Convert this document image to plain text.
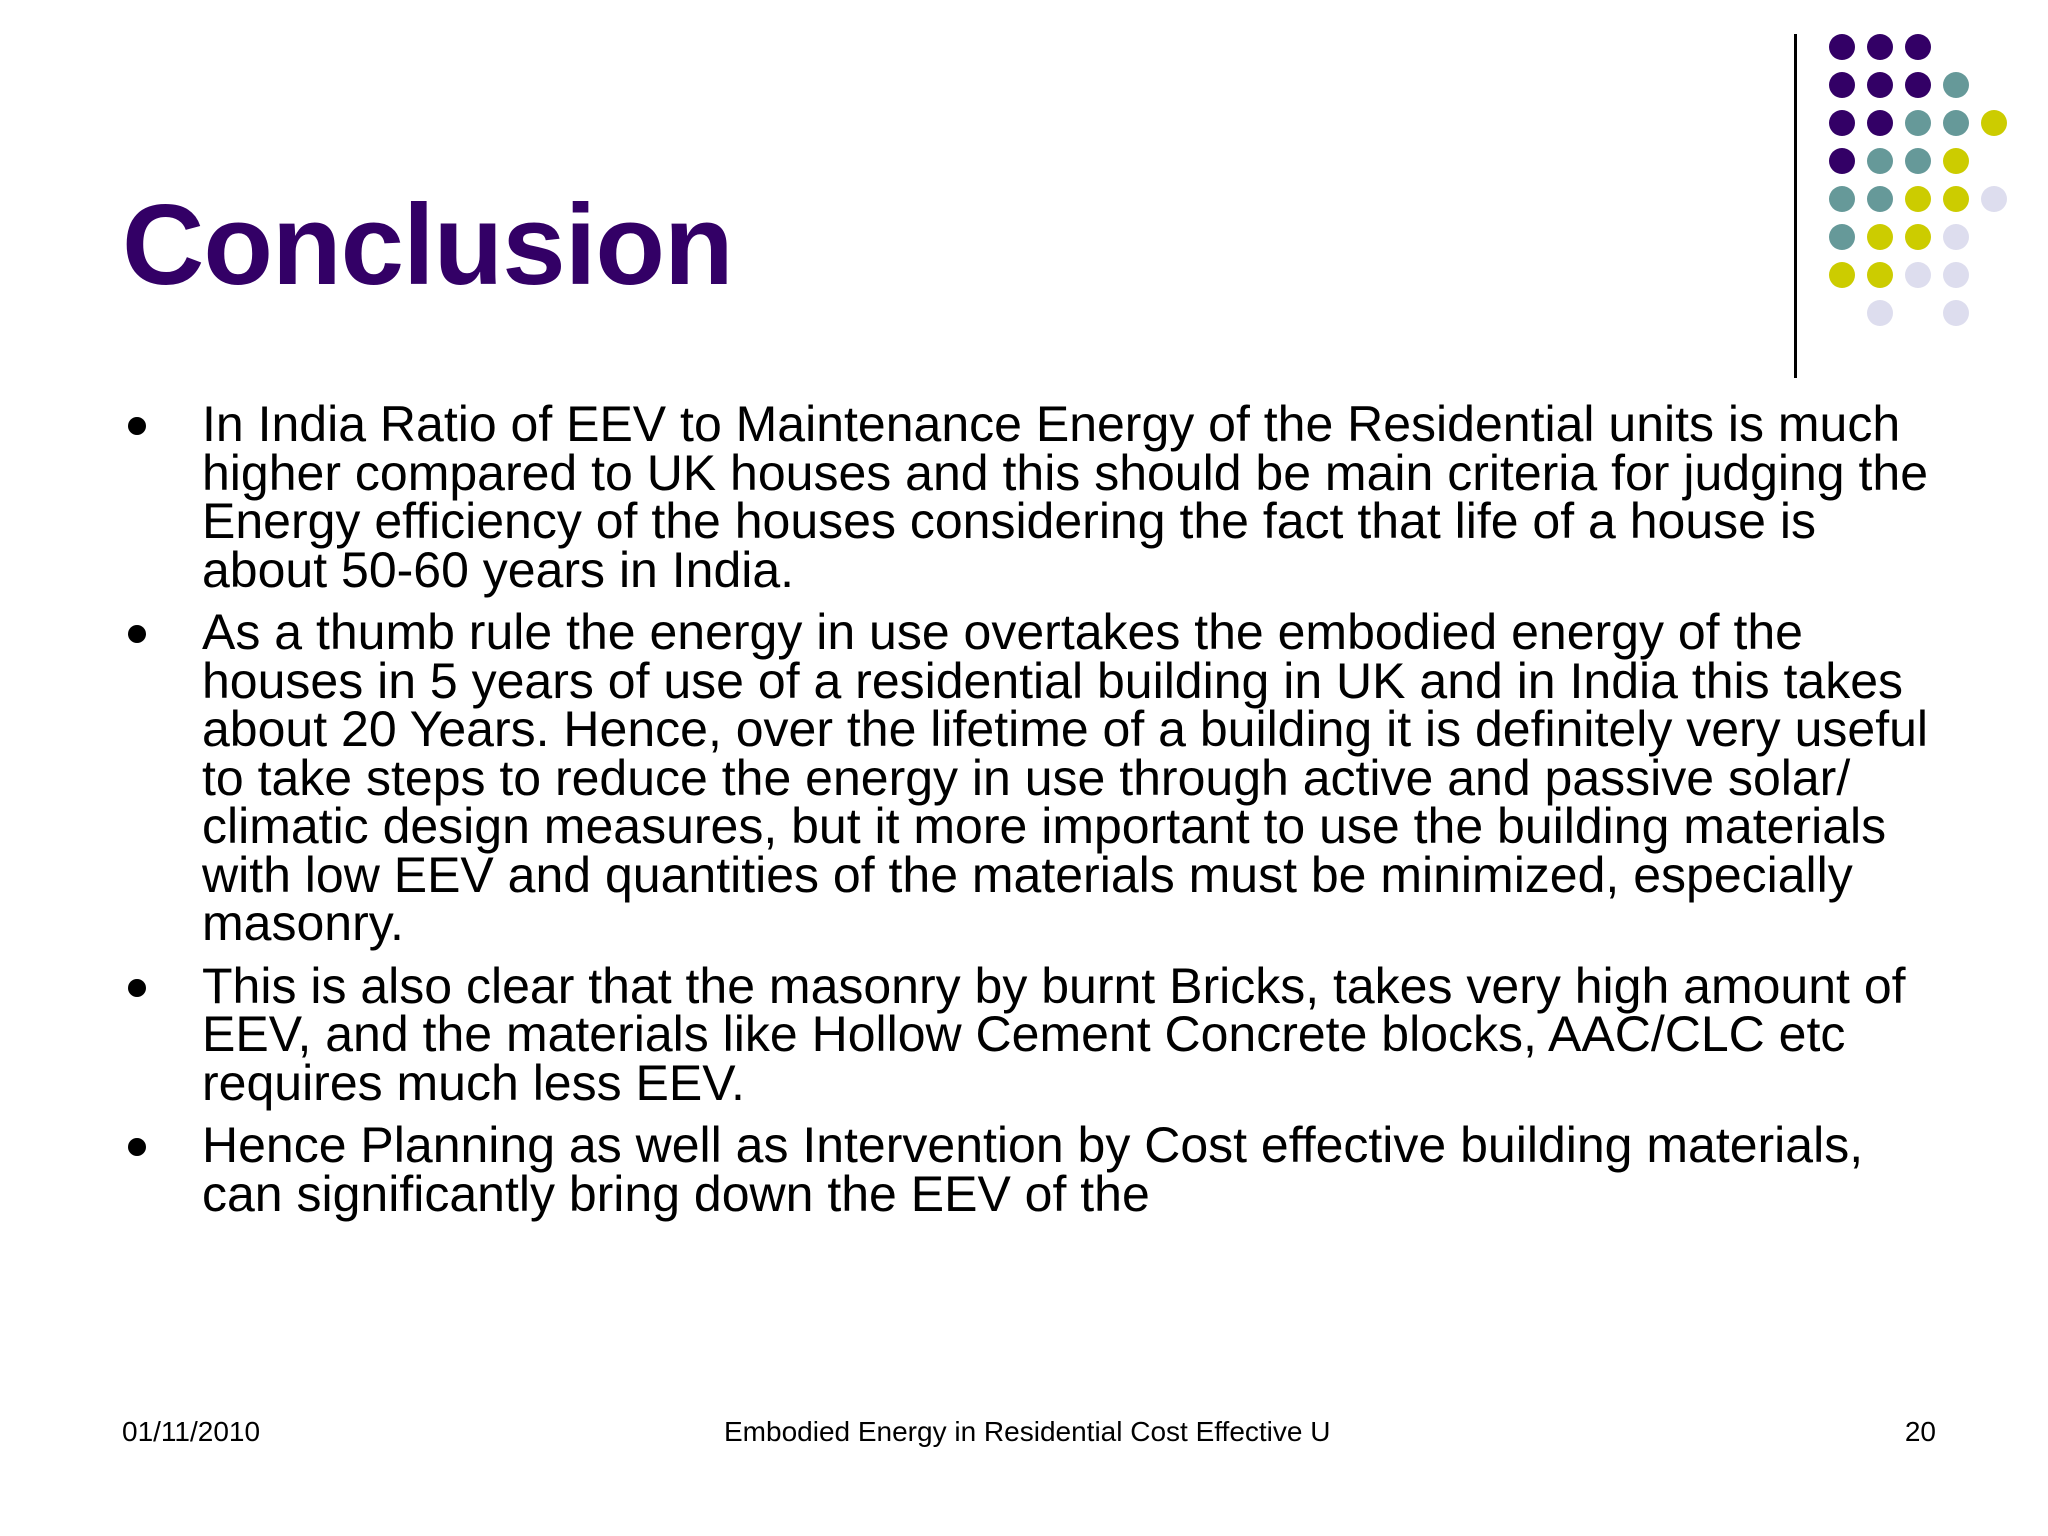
Conclusion
In India Ratio of EEV to Maintenance Energy of the Residential units is much higher compared to UK houses and this should be main criteria for judging the Energy efficiency of the houses considering the fact that life of a house is about 50-60 years in India.
As a thumb rule the energy in use overtakes the embodied energy of the houses in 5 years of use of a residential building in UK and in India this takes about 20 Years. Hence, over the lifetime of a building it is definitely very useful to take steps to reduce the energy in use through active and passive solar/ climatic design measures, but it more important to use the building materials with low EEV and quantities of the materials must be minimized, especially masonry.
This is also clear that the masonry by burnt Bricks, takes very high amount of EEV, and the materials like Hollow Cement Concrete blocks, AAC/CLC etc requires much less EEV.
Hence Planning as well as Intervention by Cost effective building materials, can significantly bring down the EEV of the
01/11/2010	Embodied Energy in Residential Cost Effective U	20
